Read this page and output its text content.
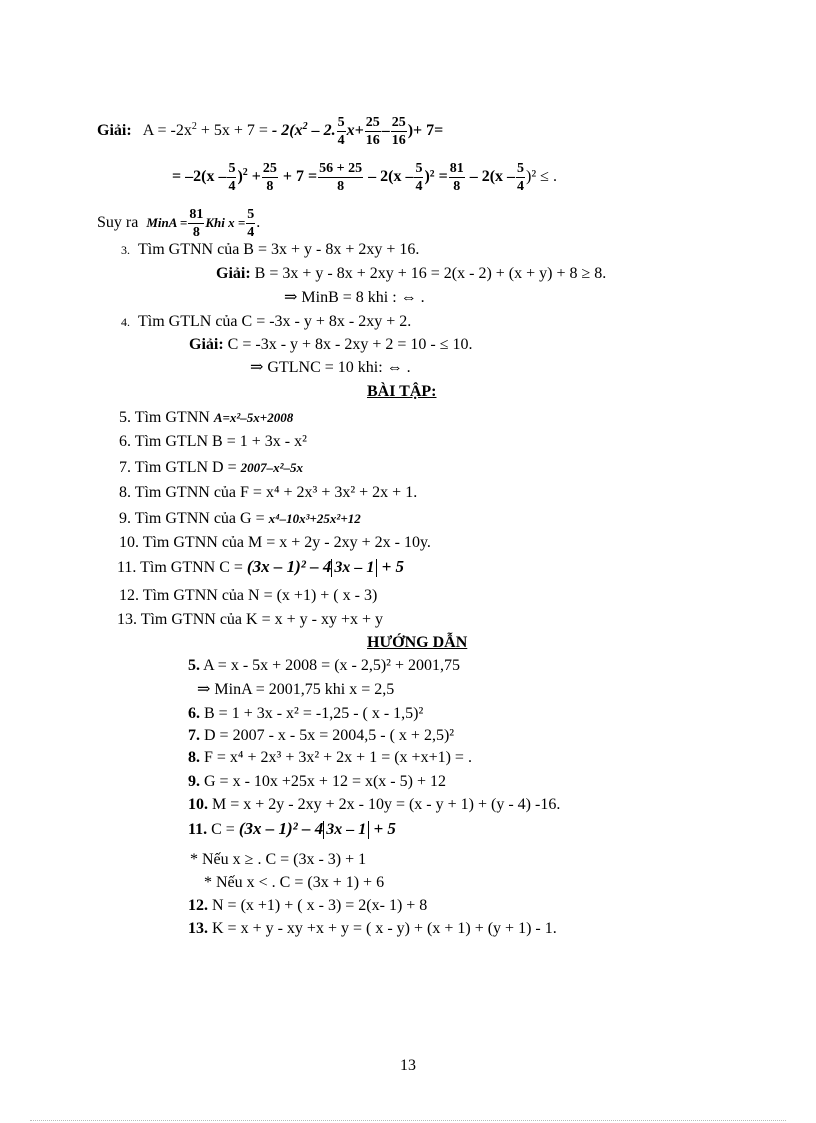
Giải: $A = -2x^2 + 5x + 7$ = - $2(x^2 - 2$. $\frac{5}{4} x+ \frac{25}{16} - \frac{25}{16}$ )+ 7=
= $-2(x - \frac{5}{4} )^2 + \frac{25}{8} + 7 = \frac{56 + 25}{8} - 2(x - \frac{5}{4} )^2 = \frac{81}{8} - 2(x - \frac{5}{4} )^2$ ≤ .
Suy ra MinA = $\frac{81}{8}$ Khi $x = \frac{5}{4}$ .
3. Tìm GTNN của B = 3x + y - 8x + 2xy + 16.
Giải: B = 3x + y - 8x + 2xy + 16 = 2(x - 2) + (x + y) + 8 ≥ 8.
⇒ MinB = 8 khi : ⇔ .
4. Tìm GTLN của C = -3x - y + 8x - 2xy + 2.
Giải: C = -3x - y + 8x - 2xy + 2 = 10 - ≤ 10.
⇒ GTLNC = 10 khi: ⇔ .
BÀI TẬP:
5. Tìm GTNN A=x²–5x+2008
6. Tìm GTLN B = 1 + 3x - x²
7. Tìm GTLN D = 2007–x²–5x
8. Tìm GTNN của F = x⁴ + 2x³ + 3x² + 2x + 1.
9. Tìm GTNN của G = x⁴–10x³+25x²+12
10. Tìm GTNN của M = x + 2y - 2xy + 2x - 10y.
11. Tìm GTNN C = (3x – 1)² – 4 3x – 1 + 5
12. Tìm GTNN của N = (x +1) + ( x - 3)
13. Tìm GTNN của K = x + y - xy +x + y
HƯỚNG DẪN
5. A = x - 5x + 2008 = (x - 2,5)² + 2001,75
⇒ MinA = 2001,75 khi x = 2,5
6. B = 1 + 3x - x² = -1,25 - ( x - 1,5)²
7. D = 2007 - x - 5x = 2004,5 - ( x + 2,5)²
8. F = x⁴ + 2x³ + 3x² + 2x + 1 = (x +x+1) = .
9. G = x - 10x +25x + 12 = x(x - 5) + 12
10. M = x + 2y - 2xy + 2x - 10y = (x - y + 1) + (y - 4) -16.
11. C = (3x – 1)² – 4 3x – 1 + 5
* Nếu x ≥ . C = (3x - 3) + 1
* Nếu x < . C = (3x + 1) + 6
12. N = (x +1) + ( x - 3) = 2(x- 1) + 8
13. K = x + y - xy +x + y = ( x - y) + (x + 1) + (y + 1) - 1.
13
